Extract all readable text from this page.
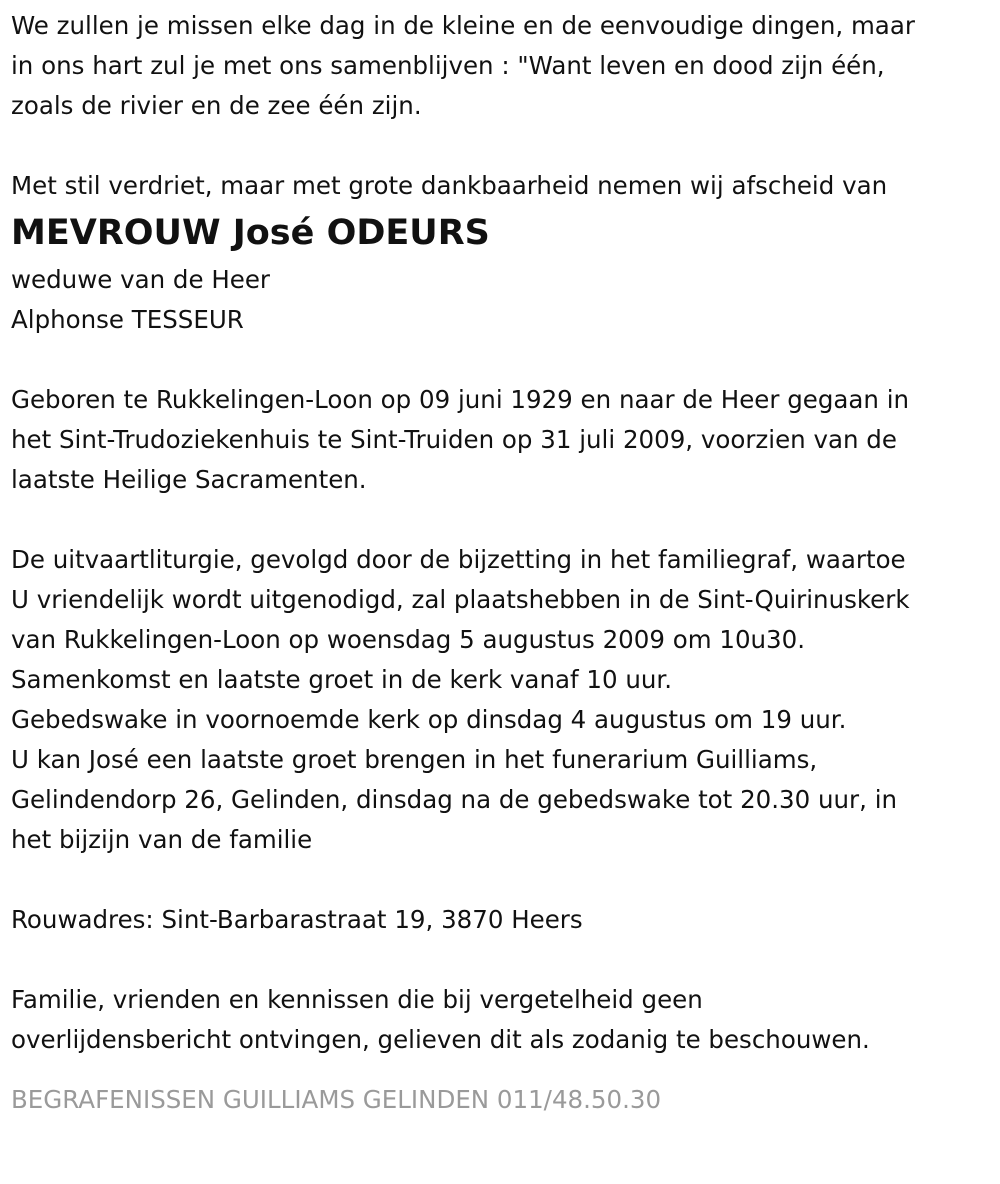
We zullen je missen elke dag in de kleine en de eenvoudige dingen, maar
in ons hart zul je met ons samenblijven : "Want leven en dood zijn één,
zoals de rivier en de zee één zijn.
Met stil verdriet, maar met grote dankbaarheid nemen wij afscheid van
MEVROUW José ODEURS
weduwe van de Heer
Alphonse TESSEUR
Geboren te Rukkelingen-Loon op 09 juni 1929 en naar de Heer gegaan in
het Sint-Trudoziekenhuis te Sint-Truiden op 31 juli 2009, voorzien van de
laatste Heilige Sacramenten.
De uitvaartliturgie, gevolgd door de bijzetting in het familiegraf, waartoe
U vriendelijk wordt uitgenodigd, zal plaatshebben in de Sint-Quirinuskerk
van Rukkelingen-Loon op woensdag 5 augustus 2009 om 10u30.
Samenkomst en laatste groet in de kerk vanaf 10 uur.
Gebedswake in voornoemde kerk op dinsdag 4 augustus om 19 uur.
U kan José een laatste groet brengen in het funerarium Guilliams,
Gelindendorp 26, Gelinden, dinsdag na de gebedswake tot 20.30 uur, in
het bijzijn van de familie
Rouwadres: Sint-Barbarastraat 19, 3870 Heers
Familie, vrienden en kennissen die bij vergetelheid geen
overlijdensbericht ontvingen, gelieven dit als zodanig te beschouwen.
BEGRAFENISSEN GUILLIAMS GELINDEN 011/48.50.30
